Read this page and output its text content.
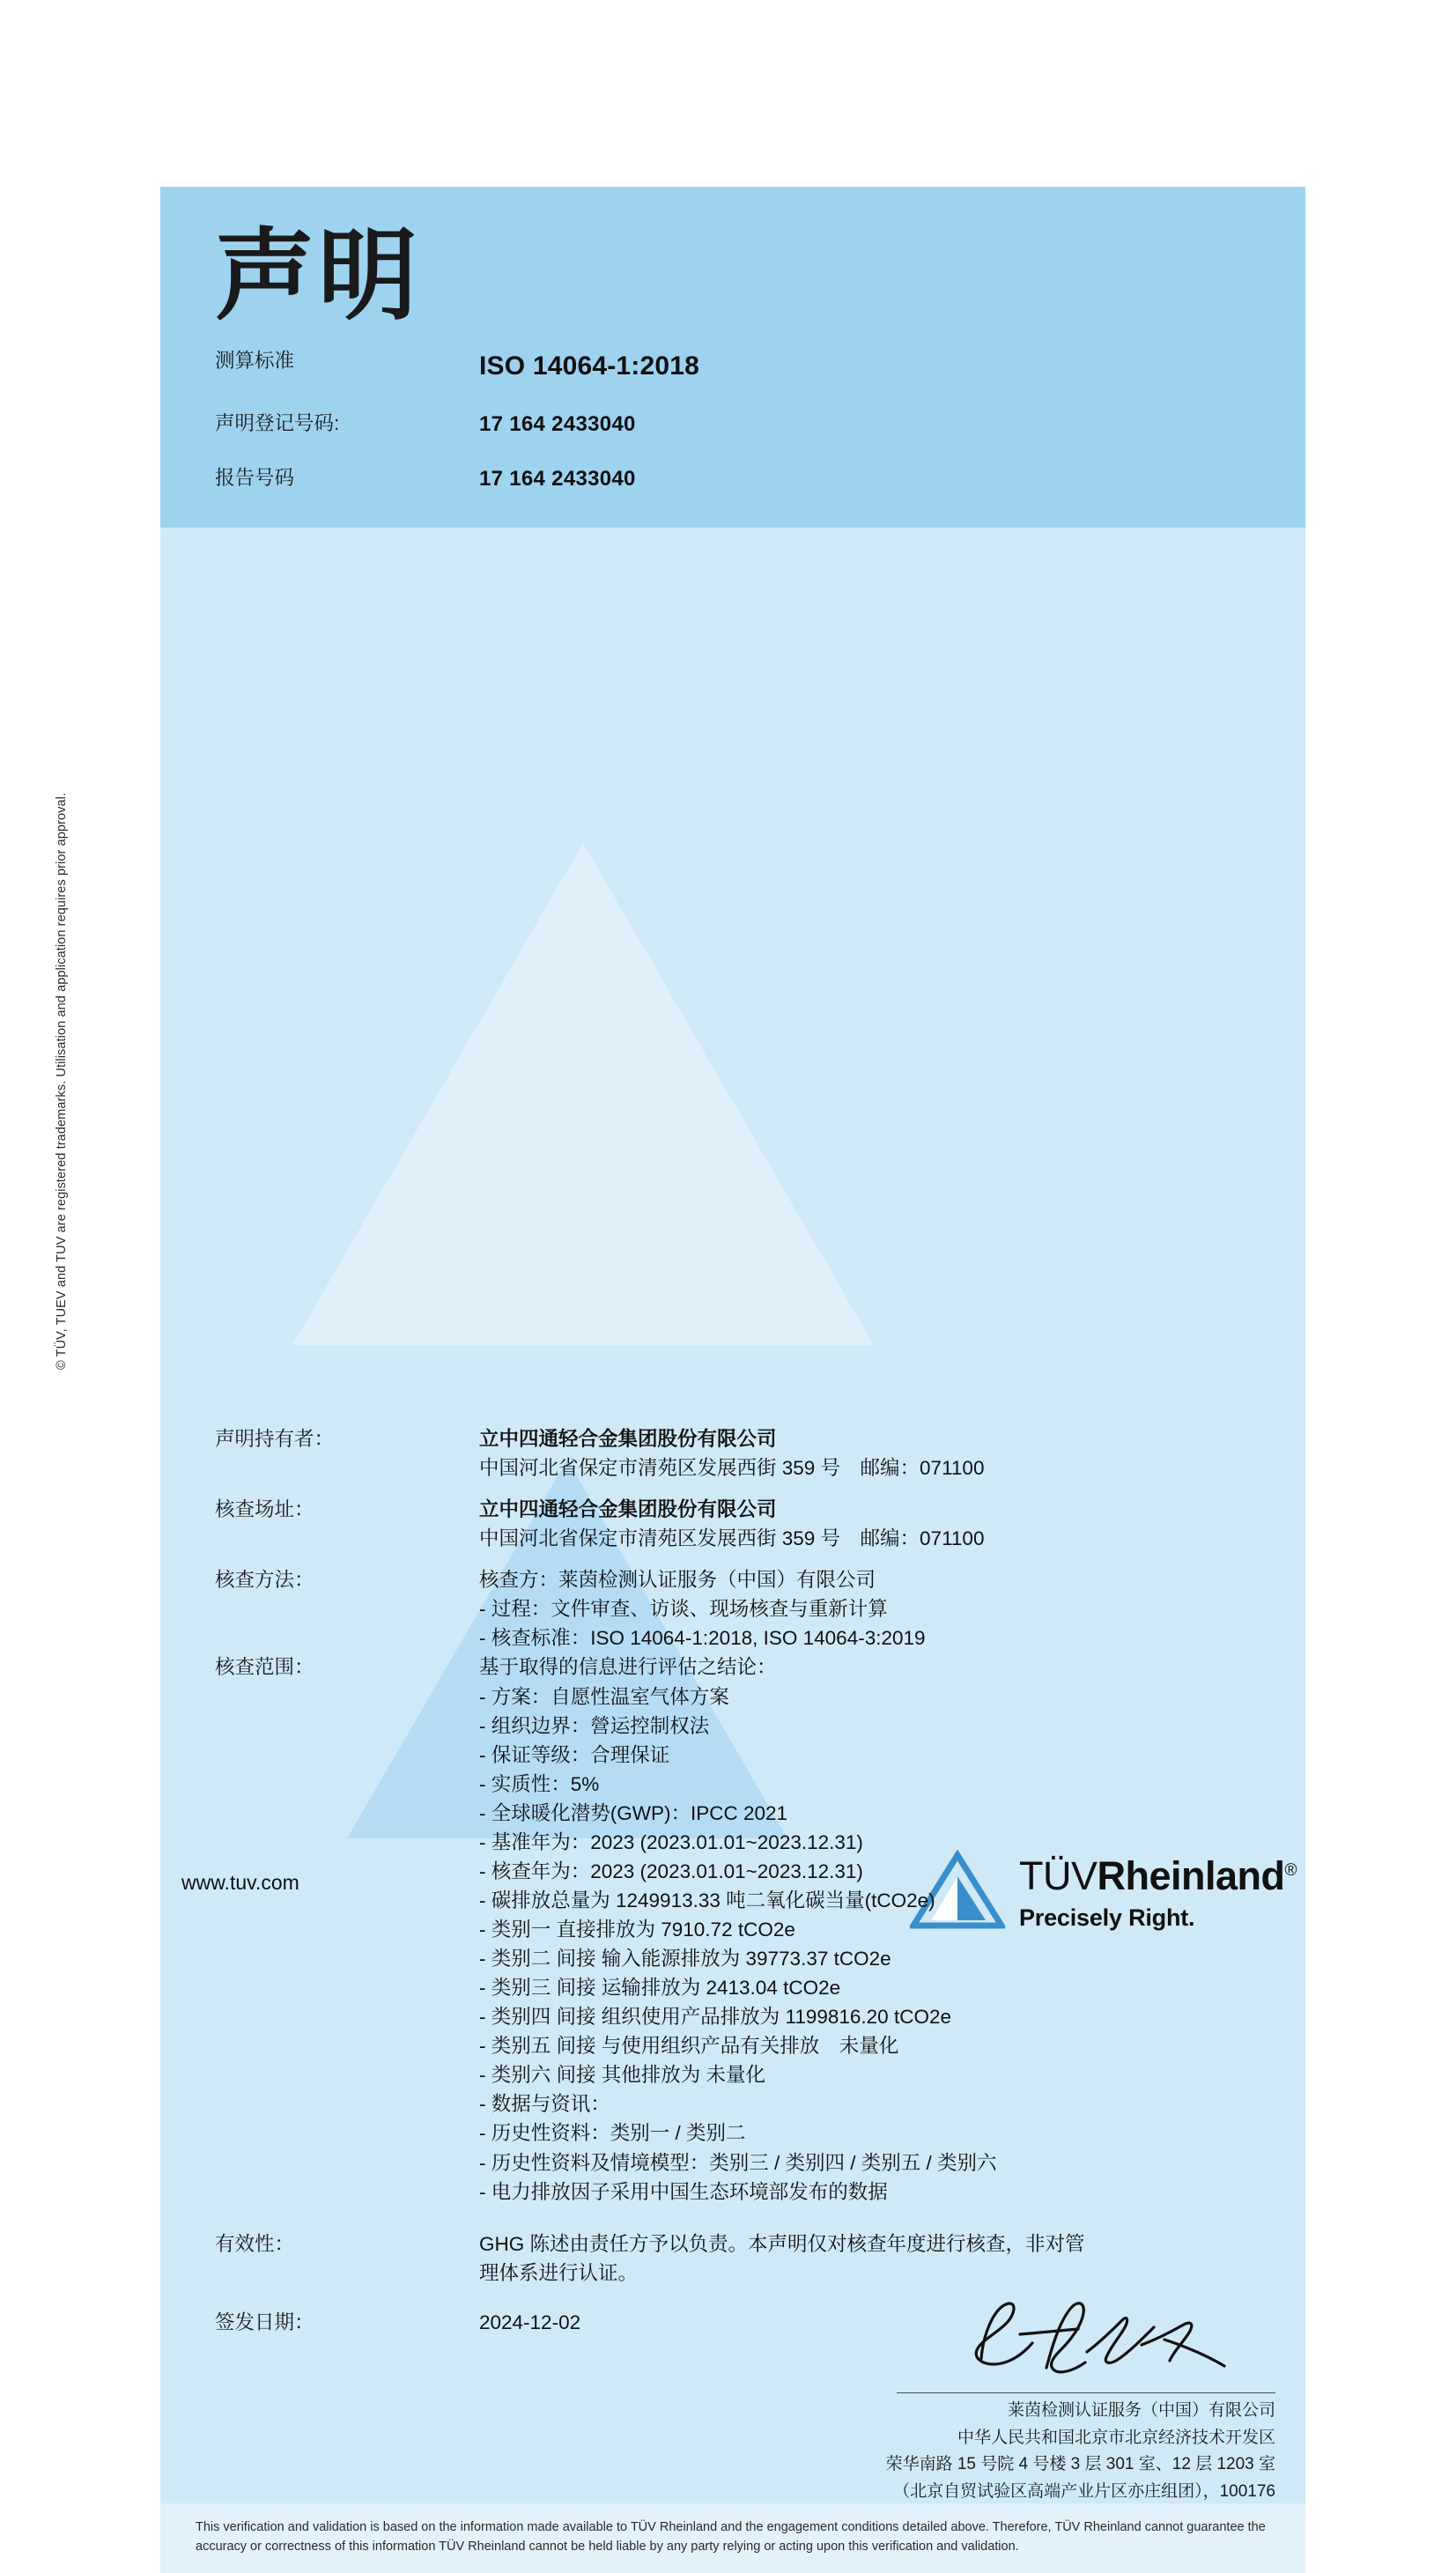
© TÜV, TUEV and TUV are registered trademarks. Utilisation and application requires prior approval.
声明
测算标准	ISO 14064-1:2018
声明登记号码:	17 164 2433040
报告号码	17 164 2433040
声明持有者：	立中四通轻合金集团股份有限公司
中国河北省保定市清苑区发展西街 359 号　邮编：071100
核查场址：	立中四通轻合金集团股份有限公司
中国河北省保定市清苑区发展西街 359 号　邮编：071100
核查方法：	核查方：莱茵检测认证服务（中国）有限公司
- 过程：文件审查、访谈、现场核查与重新计算
- 核查标准：ISO 14064-1:2018, ISO 14064-3:2019
核查范围：	基于取得的信息进行评估之结论：
- 方案：自愿性温室气体方案
- 组织边界：營运控制权法
- 保证等级：合理保证
- 实质性：5%
- 全球暖化潜势(GWP)：IPCC 2021
- 基准年为：2023 (2023.01.01~2023.12.31)
- 核查年为：2023 (2023.01.01~2023.12.31)
- 碳排放总量为 1249913.33 吨二氧化碳当量(tCO2e)
- 类别一 直接排放为 7910.72 tCO2e
- 类别二 间接 输入能源排放为 39773.37 tCO2e
- 类别三 间接 运输排放为 2413.04 tCO2e
- 类别四 间接 组织使用产品排放为 1199816.20 tCO2e
- 类别五 间接 与使用组织产品有关排放　未量化
- 类别六 间接 其他排放为 未量化
- 数据与资讯：
- 历史性资料：类别一 / 类别二
- 历史性资料及情境模型：类别三 / 类别四 / 类别五 / 类别六
- 电力排放因子采用中国生态环境部发布的数据
有效性：	GHG 陈述由责任方予以负责。本声明仅对核查年度进行核查，非对管理体系进行认证。
签发日期：	2024-12-02
莱茵检测认证服务（中国）有限公司
中华人民共和国北京市北京经济技术开发区
荣华南路 15 号院 4 号楼 3 层 301 室、12 层 1203 室
（北京自贸试验区高端产业片区亦庄组团），100176
This verification and validation is based on the information made available to TÜV Rheinland and the engagement conditions detailed above. Therefore, TÜV Rheinland cannot guarantee the accuracy or correctness of this information TÜV Rheinland cannot be held liable by any party relying or acting upon this verification and validation.
www.tuv.com	TÜVRheinland®
Precisely Right.
